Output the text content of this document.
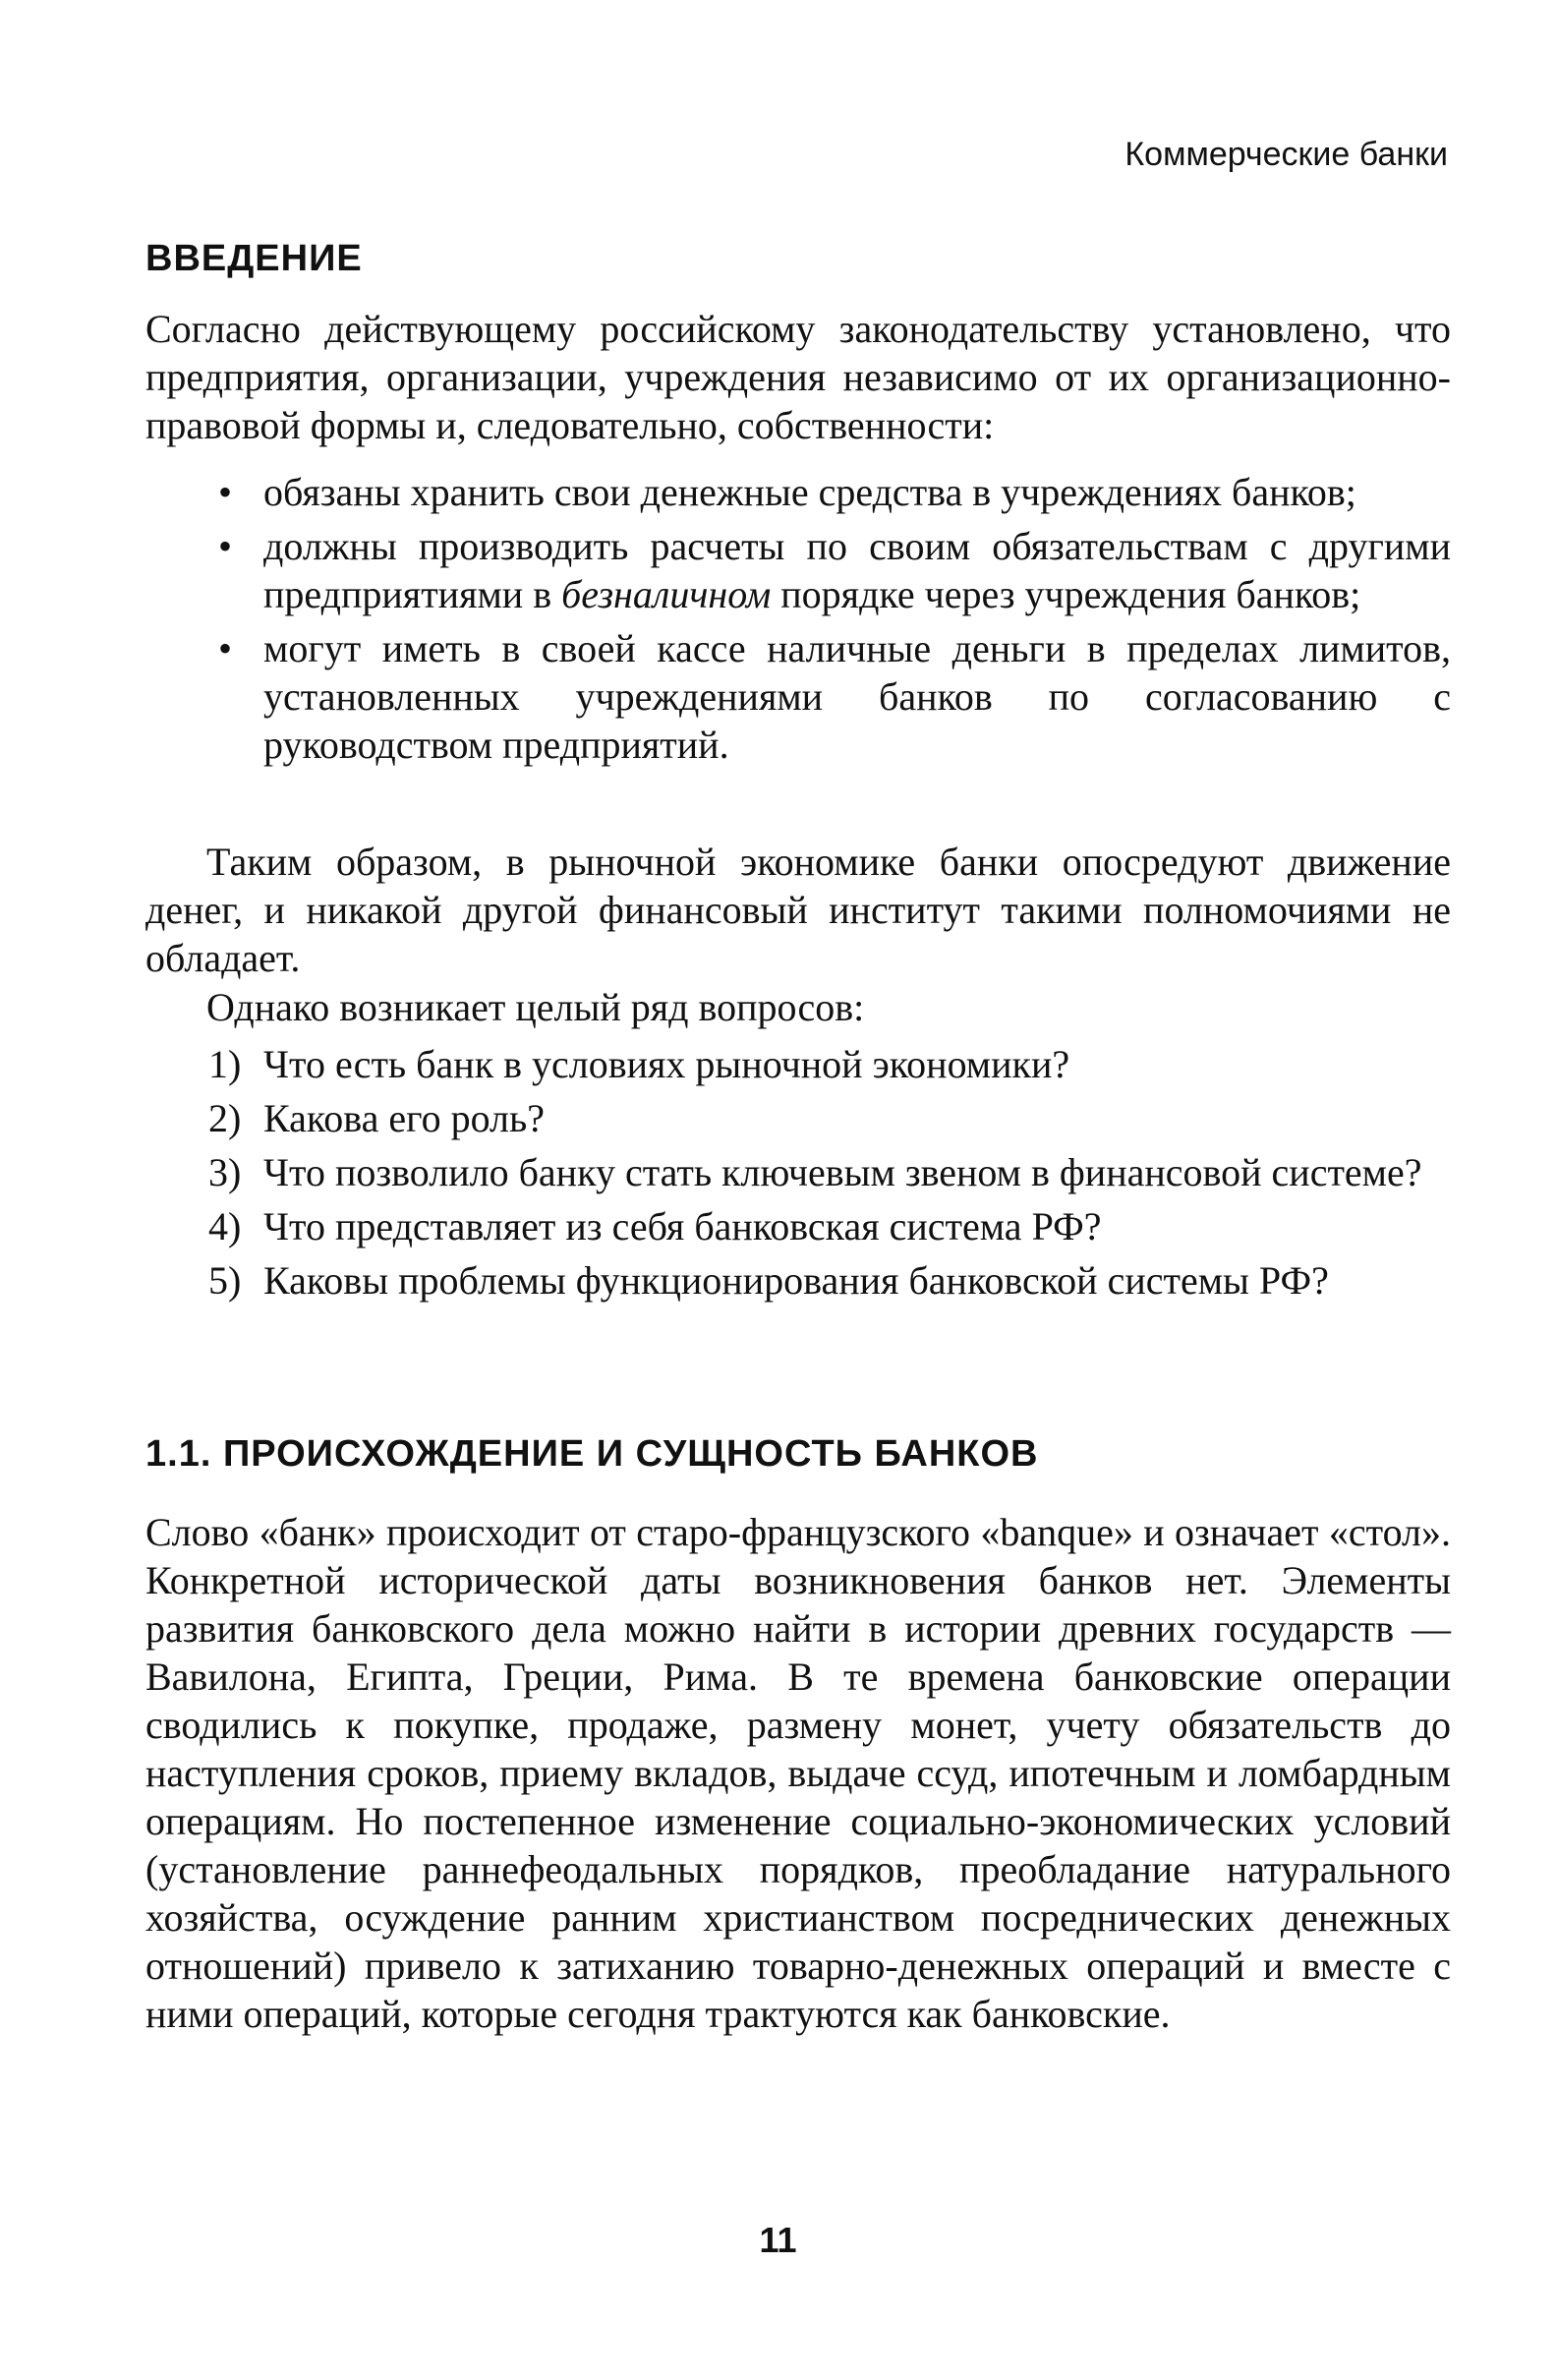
Коммерческие банки
ВВЕДЕНИЕ
Согласно действующему российскому законодательству установлено, что предприятия, организации, учреждения независимо от их организационно-правовой формы и, следовательно, собственности:
• обязаны хранить свои денежные средства в учреждениях банков;
• должны производить расчеты по своим обязательствам с другими предприятиями в безналичном порядке через учреждения банков;
• могут иметь в своей кассе наличные деньги в пределах лимитов, установленных учреждениями банков по согласованию с руководством предприятий.
Таким образом, в рыночной экономике банки опосредуют движение денег, и никакой другой финансовый институт такими полномочиями не обладает.
Однако возникает целый ряд вопросов:
1) Что есть банк в условиях рыночной экономики?
2) Какова его роль?
3) Что позволило банку стать ключевым звеном в финансовой системе?
4) Что представляет из себя банковская система РФ?
5) Каковы проблемы функционирования банковской системы РФ?
1.1. ПРОИСХОЖДЕНИЕ И СУЩНОСТЬ БАНКОВ
Слово «банк» происходит от старо-французского «banque» и означает «стол». Конкретной исторической даты возникновения банков нет. Элементы развития банковского дела можно найти в истории древних государств — Вавилона, Египта, Греции, Рима. В те времена банковские операции сводились к покупке, продаже, размену монет, учету обязательств до наступления сроков, приему вкладов, выдаче ссуд, ипотечным и ломбардным операциям. Но постепенное изменение социально-экономических условий (установление раннефеодальных порядков, преобладание натурального хозяйства, осуждение ранним христианством посреднических денежных отношений) привело к затиханию товарно-денежных операций и вместе с ними операций, которые сегодня трактуются как банковские.
11
